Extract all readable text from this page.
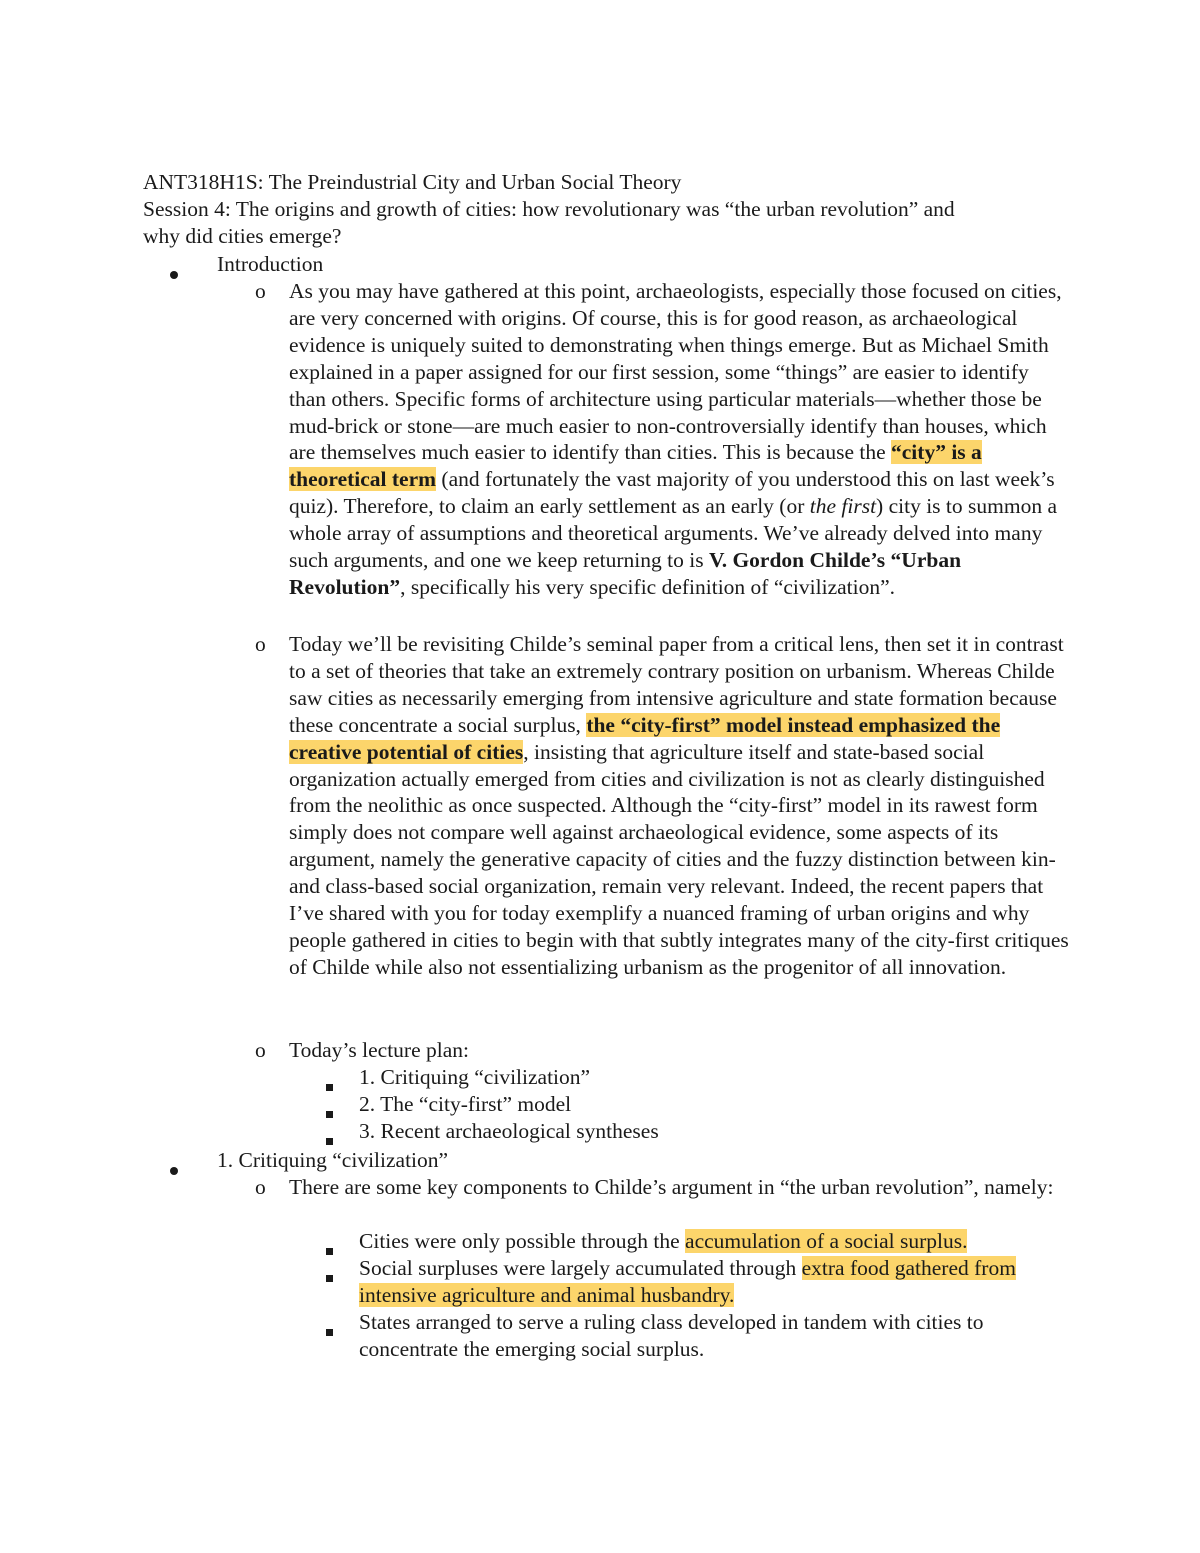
ANT318H1S: The Preindustrial City and Urban Social Theory
Session 4: The origins and growth of cities: how revolutionary was “the urban revolution” and
why did cities emerge?
Introduction
o As you may have gathered at this point, archaeologists, especially those focused on cities, are very concerned with origins. Of course, this is for good reason, as archaeological evidence is uniquely suited to demonstrating when things emerge. But as Michael Smith explained in a paper assigned for our first session, some “things” are easier to identify than others. Specific forms of architecture using particular materials—whether those be mud-brick or stone—are much easier to non-controversially identify than houses, which are themselves much easier to identify than cities. This is because the “city” is a theoretical term (and fortunately the vast majority of you understood this on last week’s quiz). Therefore, to claim an early settlement as an early (or the first) city is to summon a whole array of assumptions and theoretical arguments. We’ve already delved into many such arguments, and one we keep returning to is V. Gordon Childe’s “Urban Revolution”, specifically his very specific definition of “civilization”.
o Today we’ll be revisiting Childe’s seminal paper from a critical lens, then set it in contrast to a set of theories that take an extremely contrary position on urbanism. Whereas Childe saw cities as necessarily emerging from intensive agriculture and state formation because these concentrate a social surplus, the “city-first” model instead emphasized the creative potential of cities, insisting that agriculture itself and state-based social organization actually emerged from cities and civilization is not as clearly distinguished from the neolithic as once suspected. Although the “city-first” model in its rawest form simply does not compare well against archaeological evidence, some aspects of its argument, namely the generative capacity of cities and the fuzzy distinction between kin- and class-based social organization, remain very relevant. Indeed, the recent papers that I’ve shared with you for today exemplify a nuanced framing of urban origins and why people gathered in cities to begin with that subtly integrates many of the city-first critiques of Childe while also not essentializing urbanism as the progenitor of all innovation.
o Today’s lecture plan:
1. Critiquing “civilization”
2. The “city-first” model
3. Recent archaeological syntheses
1. Critiquing “civilization”
o There are some key components to Childe’s argument in “the urban revolution”, namely:
Cities were only possible through the accumulation of a social surplus.
Social surpluses were largely accumulated through extra food gathered from intensive agriculture and animal husbandry.
States arranged to serve a ruling class developed in tandem with cities to concentrate the emerging social surplus.
